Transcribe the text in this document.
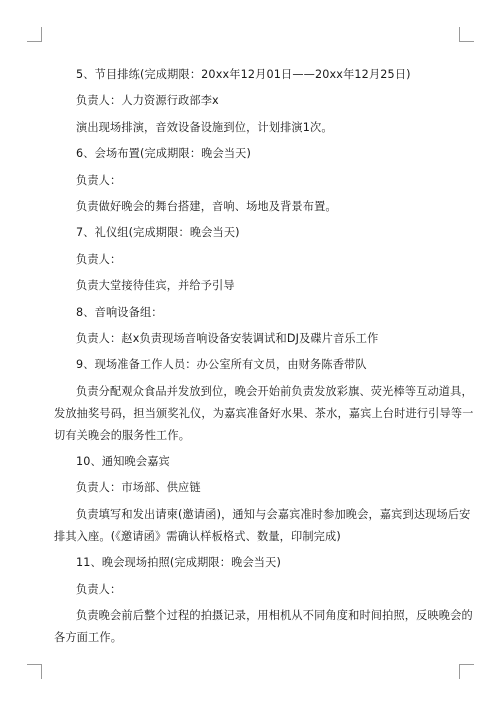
5、节目排练(完成期限：20xx年12月01日——20xx年12月25日)

负责人：人力资源行政部李x

演出现场排演，音效设备设施到位，计划排演1次。

6、会场布置(完成期限：晚会当天)

负责人：

负责做好晚会的舞台搭建，音响、场地及背景布置。

7、礼仪组(完成期限：晚会当天)

负责人：

负责大堂接待佳宾，并给予引导

8、音响设备组：

负责人：赵x负责现场音响设备安装调试和DJ及碟片音乐工作

9、现场准备工作人员：办公室所有文员，由财务陈香带队

负责分配观众食品并发放到位，晚会开始前负责发放彩旗、荧光棒等互动道具，
发放抽奖号码，担当颁奖礼仪，为嘉宾准备好水果、茶水，嘉宾上台时进行引导等一
切有关晚会的服务性工作。

10、通知晚会嘉宾

负责人：市场部、供应链

负责填写和发出请柬(邀请函)，通知与会嘉宾准时参加晚会，嘉宾到达现场后安
排其入座。(《邀请函》需确认样板格式、数量，印制完成)

11、晚会现场拍照(完成期限：晚会当天)

负责人：

负责晚会前后整个过程的拍摄记录，用相机从不同角度和时间拍照，反映晚会的
各方面工作。
